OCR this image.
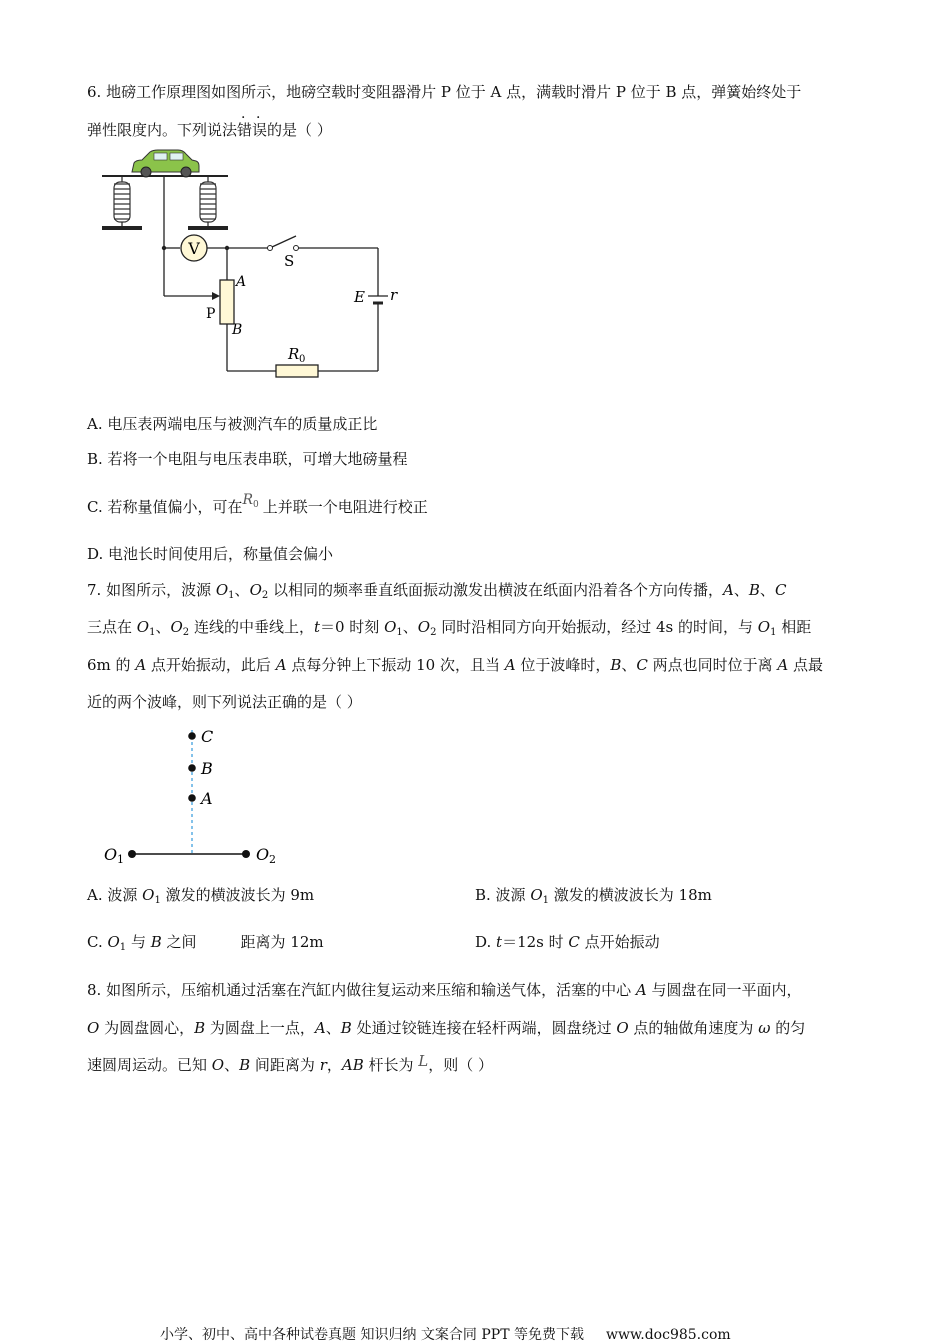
6. 地磅工作原理图如图所示，地磅空载时变阻器滑片 P 位于 A 点，满载时滑片 P 位于 B 点，弹簧始终处于
弹性限度内。下列说法错误的是（ ）
V
S
E r
R 0
A
B
P
A. 电压表两端电压与被测汽车的质量成正比
B. 若将一个电阻与电压表串联，可增大地磅量程
C. 若称量值偏小，可在$R_0$ 上并联一个电阻进行校正
D. 电池长时间使用后，称量值会偏小
7. 如图所示，波源 $O_1$、$O_2$ 以相同的频率垂直纸面振动激发出横波在纸面内沿着各个方向传播，A、B、C
三点在 $O_1$、$O_2$ 连线的中垂线上，t＝0 时刻 $O_1$、$O_2$ 同时沿相同方向开始振动，经过 4s 的时间，与 $O_1$ 相距
6m 的 A 点开始振动，此后 A 点每分钟上下振动 10 次，且当 A 位于波峰时，B、C 两点也同时位于离 A 点最
近的两个波峰，则下列说法正确的是（ ）
C
B
A
O 1	O 2
A. 波源 $O_1$ 激发的横波波长为 9m	B. 波源 $O_1$ 激发的横波波长为 18m
C. $O_1$ 与 B 之间	距离为 12m	D. t＝12s 时 C 点开始振动
8. 如图所示，压缩机通过活塞在汽缸内做往复运动来压缩和输送气体，活塞的中心 A 与圆盘在同一平面内，
O 为圆盘圆心，B 为圆盘上一点，A、B 处通过铰链连接在轻杆两端，圆盘绕过 O 点的轴做角速度为 ω 的匀
速圆周运动。已知 O、B 间距离为 r，AB 杆长为 L，则（ ）
小学、初中、高中各种试卷真题 知识归纳 文案合同 PPT 等免费下载 www.doc985.com
